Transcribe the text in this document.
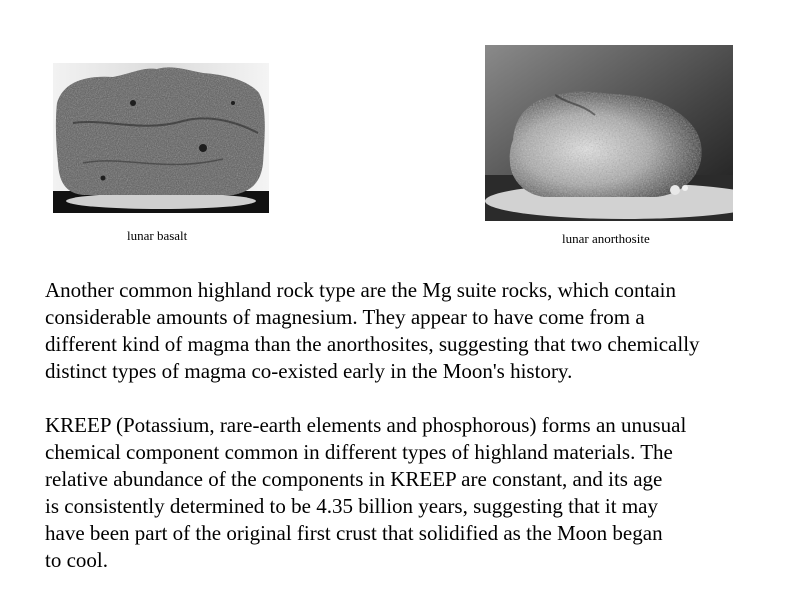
lunar basalt	lunar anorthosite
Another common highland rock type are the Mg suite rocks, which contain
considerable amounts of magnesium. They appear to have come from a
different kind of magma than the anorthosites, suggesting that two chemically
distinct types of magma co-existed early in the Moon's history.
KREEP (Potassium, rare-earth elements and phosphorous) forms an unusual
chemical component common in different types of highland materials. The
relative abundance of the components in KREEP are constant, and its age
is consistently determined to be 4.35 billion years, suggesting that it may
have been part of the original first crust that solidified as the Moon began
to cool.
